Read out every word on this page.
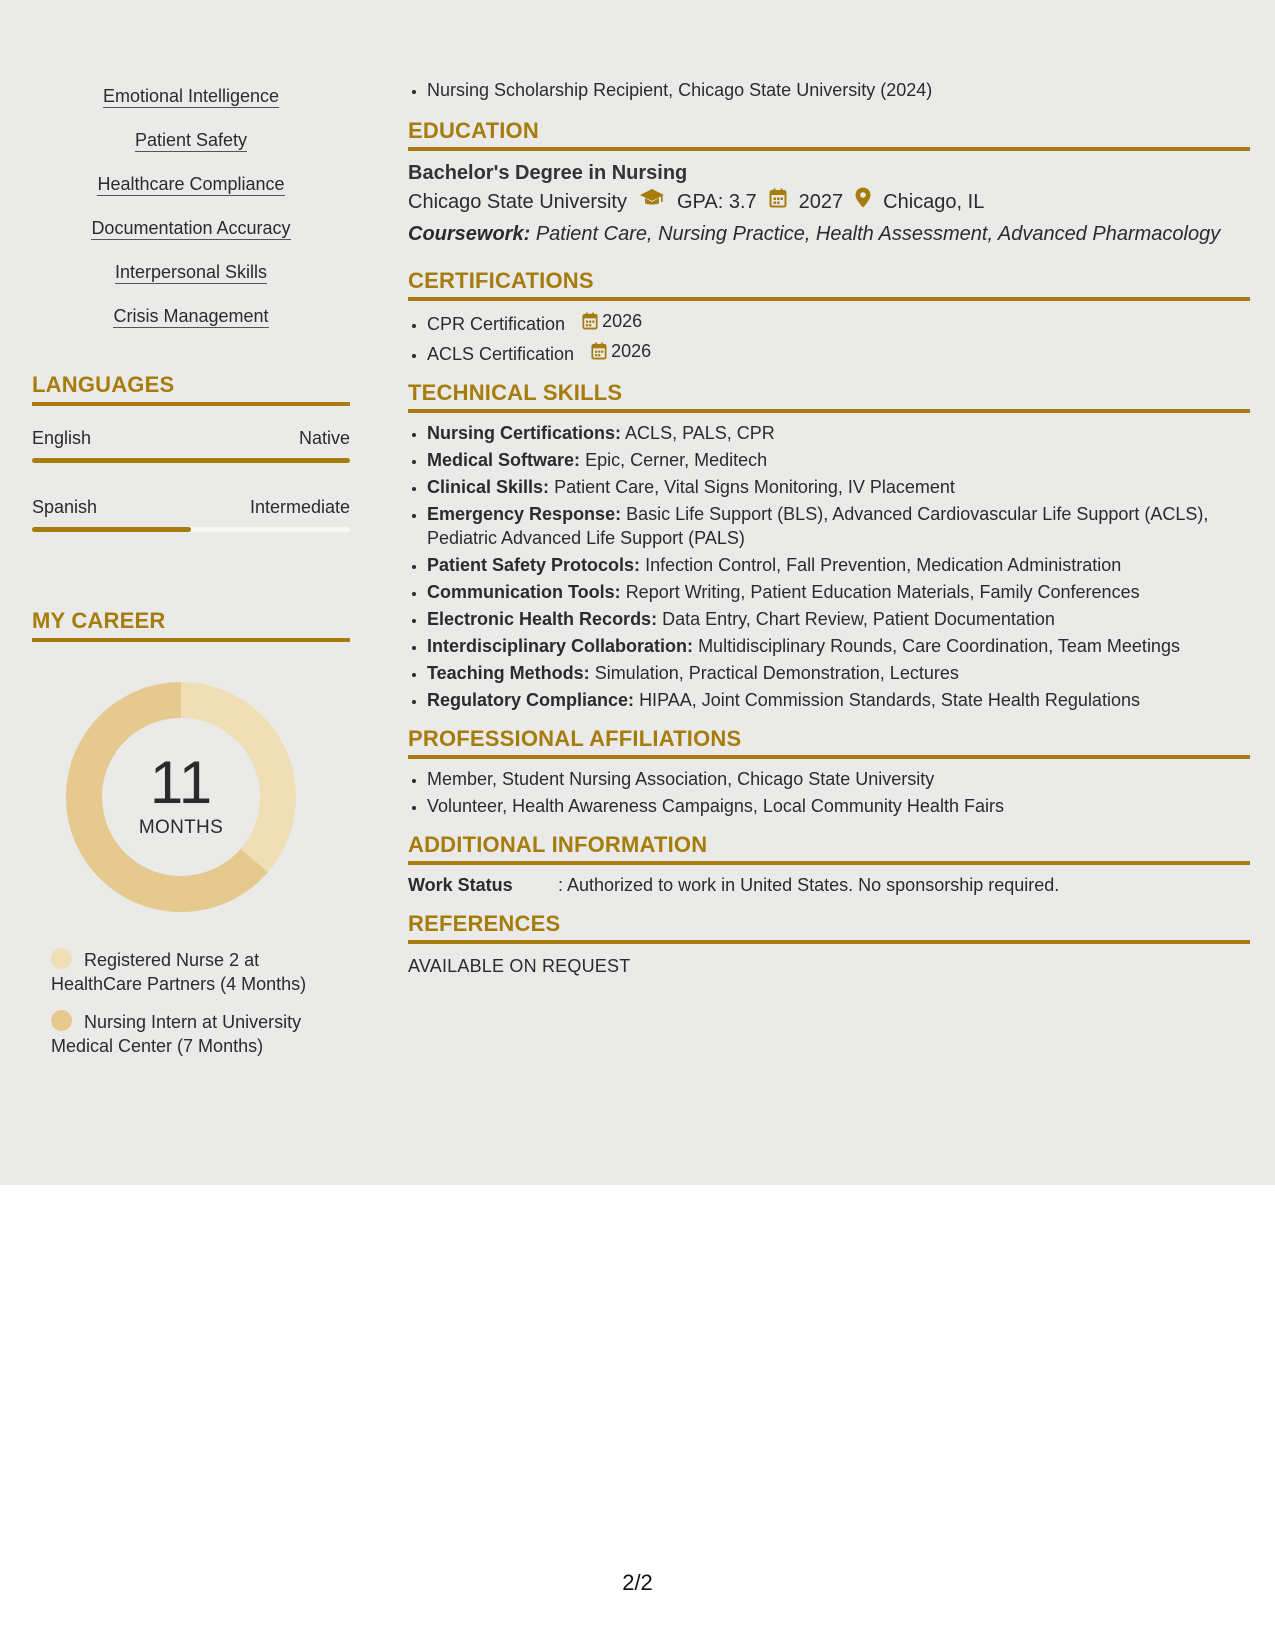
Emotional Intelligence
Patient Safety
Healthcare Compliance
Documentation Accuracy
Interpersonal Skills
Crisis Management
LANGUAGES
English	Native
Spanish	Intermediate
MY CAREER
11
MONTHS
Registered Nurse 2 at HealthCare Partners (4 Months)
Nursing Intern at University Medical Center (7 Months)
• Nursing Scholarship Recipient, Chicago State University (2024)
EDUCATION
Bachelor's Degree in Nursing
Chicago State University	GPA: 3.7 2027 Chicago, IL
Coursework: Patient Care, Nursing Practice, Health Assessment, Advanced Pharmacology
CERTIFICATIONS
• CPR Certification 2026
• ACLS Certification 2026
TECHNICAL SKILLS
• Nursing Certifications: ACLS, PALS, CPR
• Medical Software: Epic, Cerner, Meditech
• Clinical Skills: Patient Care, Vital Signs Monitoring, IV Placement
• Emergency Response: Basic Life Support (BLS), Advanced Cardiovascular Life Support (ACLS), Pediatric Advanced Life Support (PALS)
• Patient Safety Protocols: Infection Control, Fall Prevention, Medication Administration
• Communication Tools: Report Writing, Patient Education Materials, Family Conferences
• Electronic Health Records: Data Entry, Chart Review, Patient Documentation
• Interdisciplinary Collaboration: Multidisciplinary Rounds, Care Coordination, Team Meetings
• Teaching Methods: Simulation, Practical Demonstration, Lectures
• Regulatory Compliance: HIPAA, Joint Commission Standards, State Health Regulations
PROFESSIONAL AFFILIATIONS
• Member, Student Nursing Association, Chicago State University
• Volunteer, Health Awareness Campaigns, Local Community Health Fairs
ADDITIONAL INFORMATION
Work Status	: Authorized to work in United States. No sponsorship required.
REFERENCES
AVAILABLE ON REQUEST
2/2
